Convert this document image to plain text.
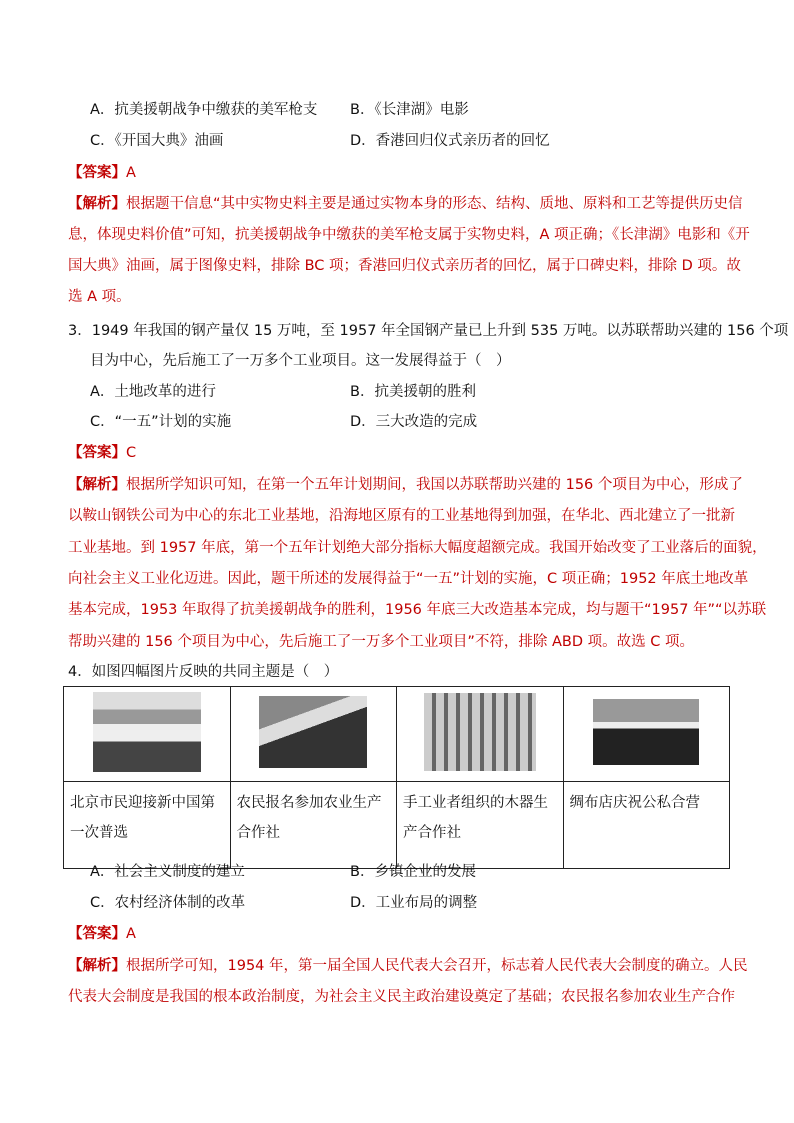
A．抗美援朝战争中缴获的美军枪支 B．《长津湖》电影
C．《开国大典》油画	D．香港回归仪式亲历者的回忆
【答案】A
【解析】根据题干信息“其中实物史料主要是通过实物本身的形态、结构、质地、原料和工艺等提供历史信
息，体现史料价值”可知，抗美援朝战争中缴获的美军枪支属于实物史料，A 项正确；《长津湖》电影和《开
国大典》油画，属于图像史料，排除 BC 项；香港回归仪式亲历者的回忆，属于口碑史料，排除 D 项。故
选 A 项。
3．1949 年我国的钢产量仅 15 万吨，至 1957 年全国钢产量已上升到 535 万吨。以苏联帮助兴建的 156 个项
目为中心，先后施工了一万多个工业项目。这一发展得益于（　）
A．土地改革的进行	B．抗美援朝的胜利
C．“一五”计划的实施	D．三大改造的完成
【答案】C
【解析】根据所学知识可知，在第一个五年计划期间，我国以苏联帮助兴建的 156 个项目为中心，形成了
以鞍山钢铁公司为中心的东北工业基地，沿海地区原有的工业基地得到加强，在华北、西北建立了一批新
工业基地。到 1957 年底，第一个五年计划绝大部分指标大幅度超额完成。我国开始改变了工业落后的面貌，
向社会主义工业化迈进。因此，题干所述的发展得益于“一五”计划的实施，C 项正确；1952 年底土地改革
基本完成，1953 年取得了抗美援朝战争的胜利，1956 年底三大改造基本完成，均与题干“1957 年”“以苏联
帮助兴建的 156 个项目为中心，先后施工了一万多个工业项目”不符，排除 ABD 项。故选 C 项。
4．如图四幅图片反映的共同主题是（　）

北京市民迎接新中国第一次普选	农民报名参加农业生产合作社	手工业者组织的木器生产合作社	绸布店庆祝公私合营
A．社会主义制度的建立	B．乡镇企业的发展
C．农村经济体制的改革	D．工业布局的调整
【答案】A
【解析】根据所学可知，1954 年，第一届全国人民代表大会召开，标志着人民代表大会制度的确立。人民
代表大会制度是我国的根本政治制度，为社会主义民主政治建设奠定了基础；农民报名参加农业生产合作
